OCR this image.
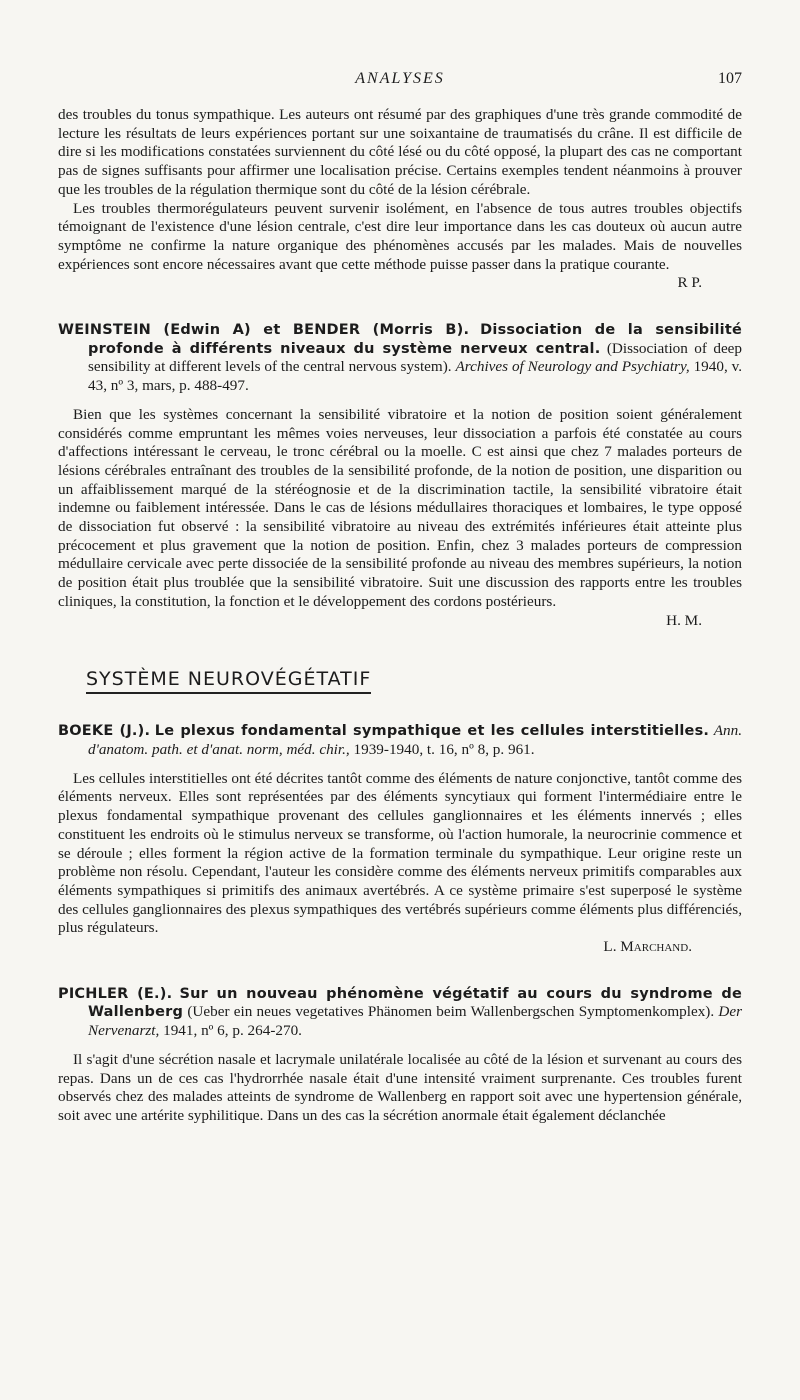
ANALYSES	107

des troubles du tonus sympathique. Les auteurs ont résumé par des graphiques d'une très grande commodité de lecture les résultats de leurs expériences portant sur une soixantaine de traumatisés du crâne. Il est difficile de dire si les modifications constatées surviennent du côté lésé ou du côté opposé, la plupart des cas ne comportant pas de signes suffisants pour affirmer une localisation précise. Certains exemples tendent néanmoins à prouver que les troubles de la régulation thermique sont du côté de la lésion cérébrale.

Les troubles thermorégulateurs peuvent survenir isolément, en l'absence de tous autres troubles objectifs témoignant de l'existence d'une lésion centrale, c'est dire leur importance dans les cas douteux où aucun autre symptôme ne confirme la nature organique des phénomènes accusés par les malades. Mais de nouvelles expériences sont encore nécessaires avant que cette méthode puisse passer dans la pratique courante.

R P.
WEINSTEIN (Edwin A) et BENDER (Morris B). Dissociation de la sensibilité profonde à différents niveaux du système nerveux central. (Dissociation of deep sensibility at different levels of the central nervous system). Archives of Neurology and Psychiatry, 1940, v. 43, nº 3, mars, p. 488-497.

Bien que les systèmes concernant la sensibilité vibratoire et la notion de position soient généralement considérés comme empruntant les mêmes voies nerveuses, leur dissociation a parfois été constatée au cours d'affections intéressant le cerveau, le tronc cérébral ou la moelle. C est ainsi que chez 7 malades porteurs de lésions cérébrales entraînant des troubles de la sensibilité profonde, de la notion de position, une disparition ou un affaiblissement marqué de la stéréognosie et de la discrimination tactile, la sensibilité vibratoire était indemne ou faiblement intéressée. Dans le cas de lésions médullaires thoraciques et lombaires, le type opposé de dissociation fut observé : la sensibilité vibratoire au niveau des extrémités inférieures était atteinte plus précocement et plus gravement que la notion de position. Enfin, chez 3 malades porteurs de compression médullaire cervicale avec perte dissociée de la sensibilité profonde au niveau des membres supérieurs, la notion de position était plus troublée que la sensibilité vibratoire. Suit une discussion des rapports entre les troubles cliniques, la constitution, la fonction et le développement des cordons postérieurs.

H. M.
SYSTÈME NEUROVÉGÉTATIF
BOEKE (J.). Le plexus fondamental sympathique et les cellules interstitielles. Ann. d'anatom. path. et d'anat. norm, méd. chir., 1939-1940, t. 16, nº 8, p. 961.

Les cellules interstitielles ont été décrites tantôt comme des éléments de nature conjonctive, tantôt comme des éléments nerveux. Elles sont représentées par des éléments syncytiaux qui forment l'intermédiaire entre le plexus fondamental sympathique provenant des cellules ganglionnaires et les éléments innervés ; elles constituent les endroits où le stimulus nerveux se transforme, où l'action humorale, la neurocrinie commence et se déroule ; elles forment la région active de la formation terminale du sympathique. Leur origine reste un problème non résolu. Cependant, l'auteur les considère comme des éléments nerveux primitifs comparables aux éléments sympathiques si primitifs des animaux avertébrés. A ce système primaire s'est superposé le système des cellules ganglionnaires des plexus sympathiques des vertébrés supérieurs comme éléments plus différenciés, plus régulateurs.

L. Marchand.
PICHLER (E.). Sur un nouveau phénomène végétatif au cours du syndrome de Wallenberg (Ueber ein neues vegetatives Phänomen beim Wallenbergschen Symptomenkomplex). Der Nervenarzt, 1941, nº 6, p. 264-270.

Il s'agit d'une sécrétion nasale et lacrymale unilatérale localisée au côté de la lésion et survenant au cours des repas. Dans un de ces cas l'hydrorrhée nasale était d'une intensité vraiment surprenante. Ces troubles furent observés chez des malades atteints de syndrome de Wallenberg en rapport soit avec une hypertension générale, soit avec une artérite syphilitique. Dans un des cas la sécrétion anormale était également déclanchée
